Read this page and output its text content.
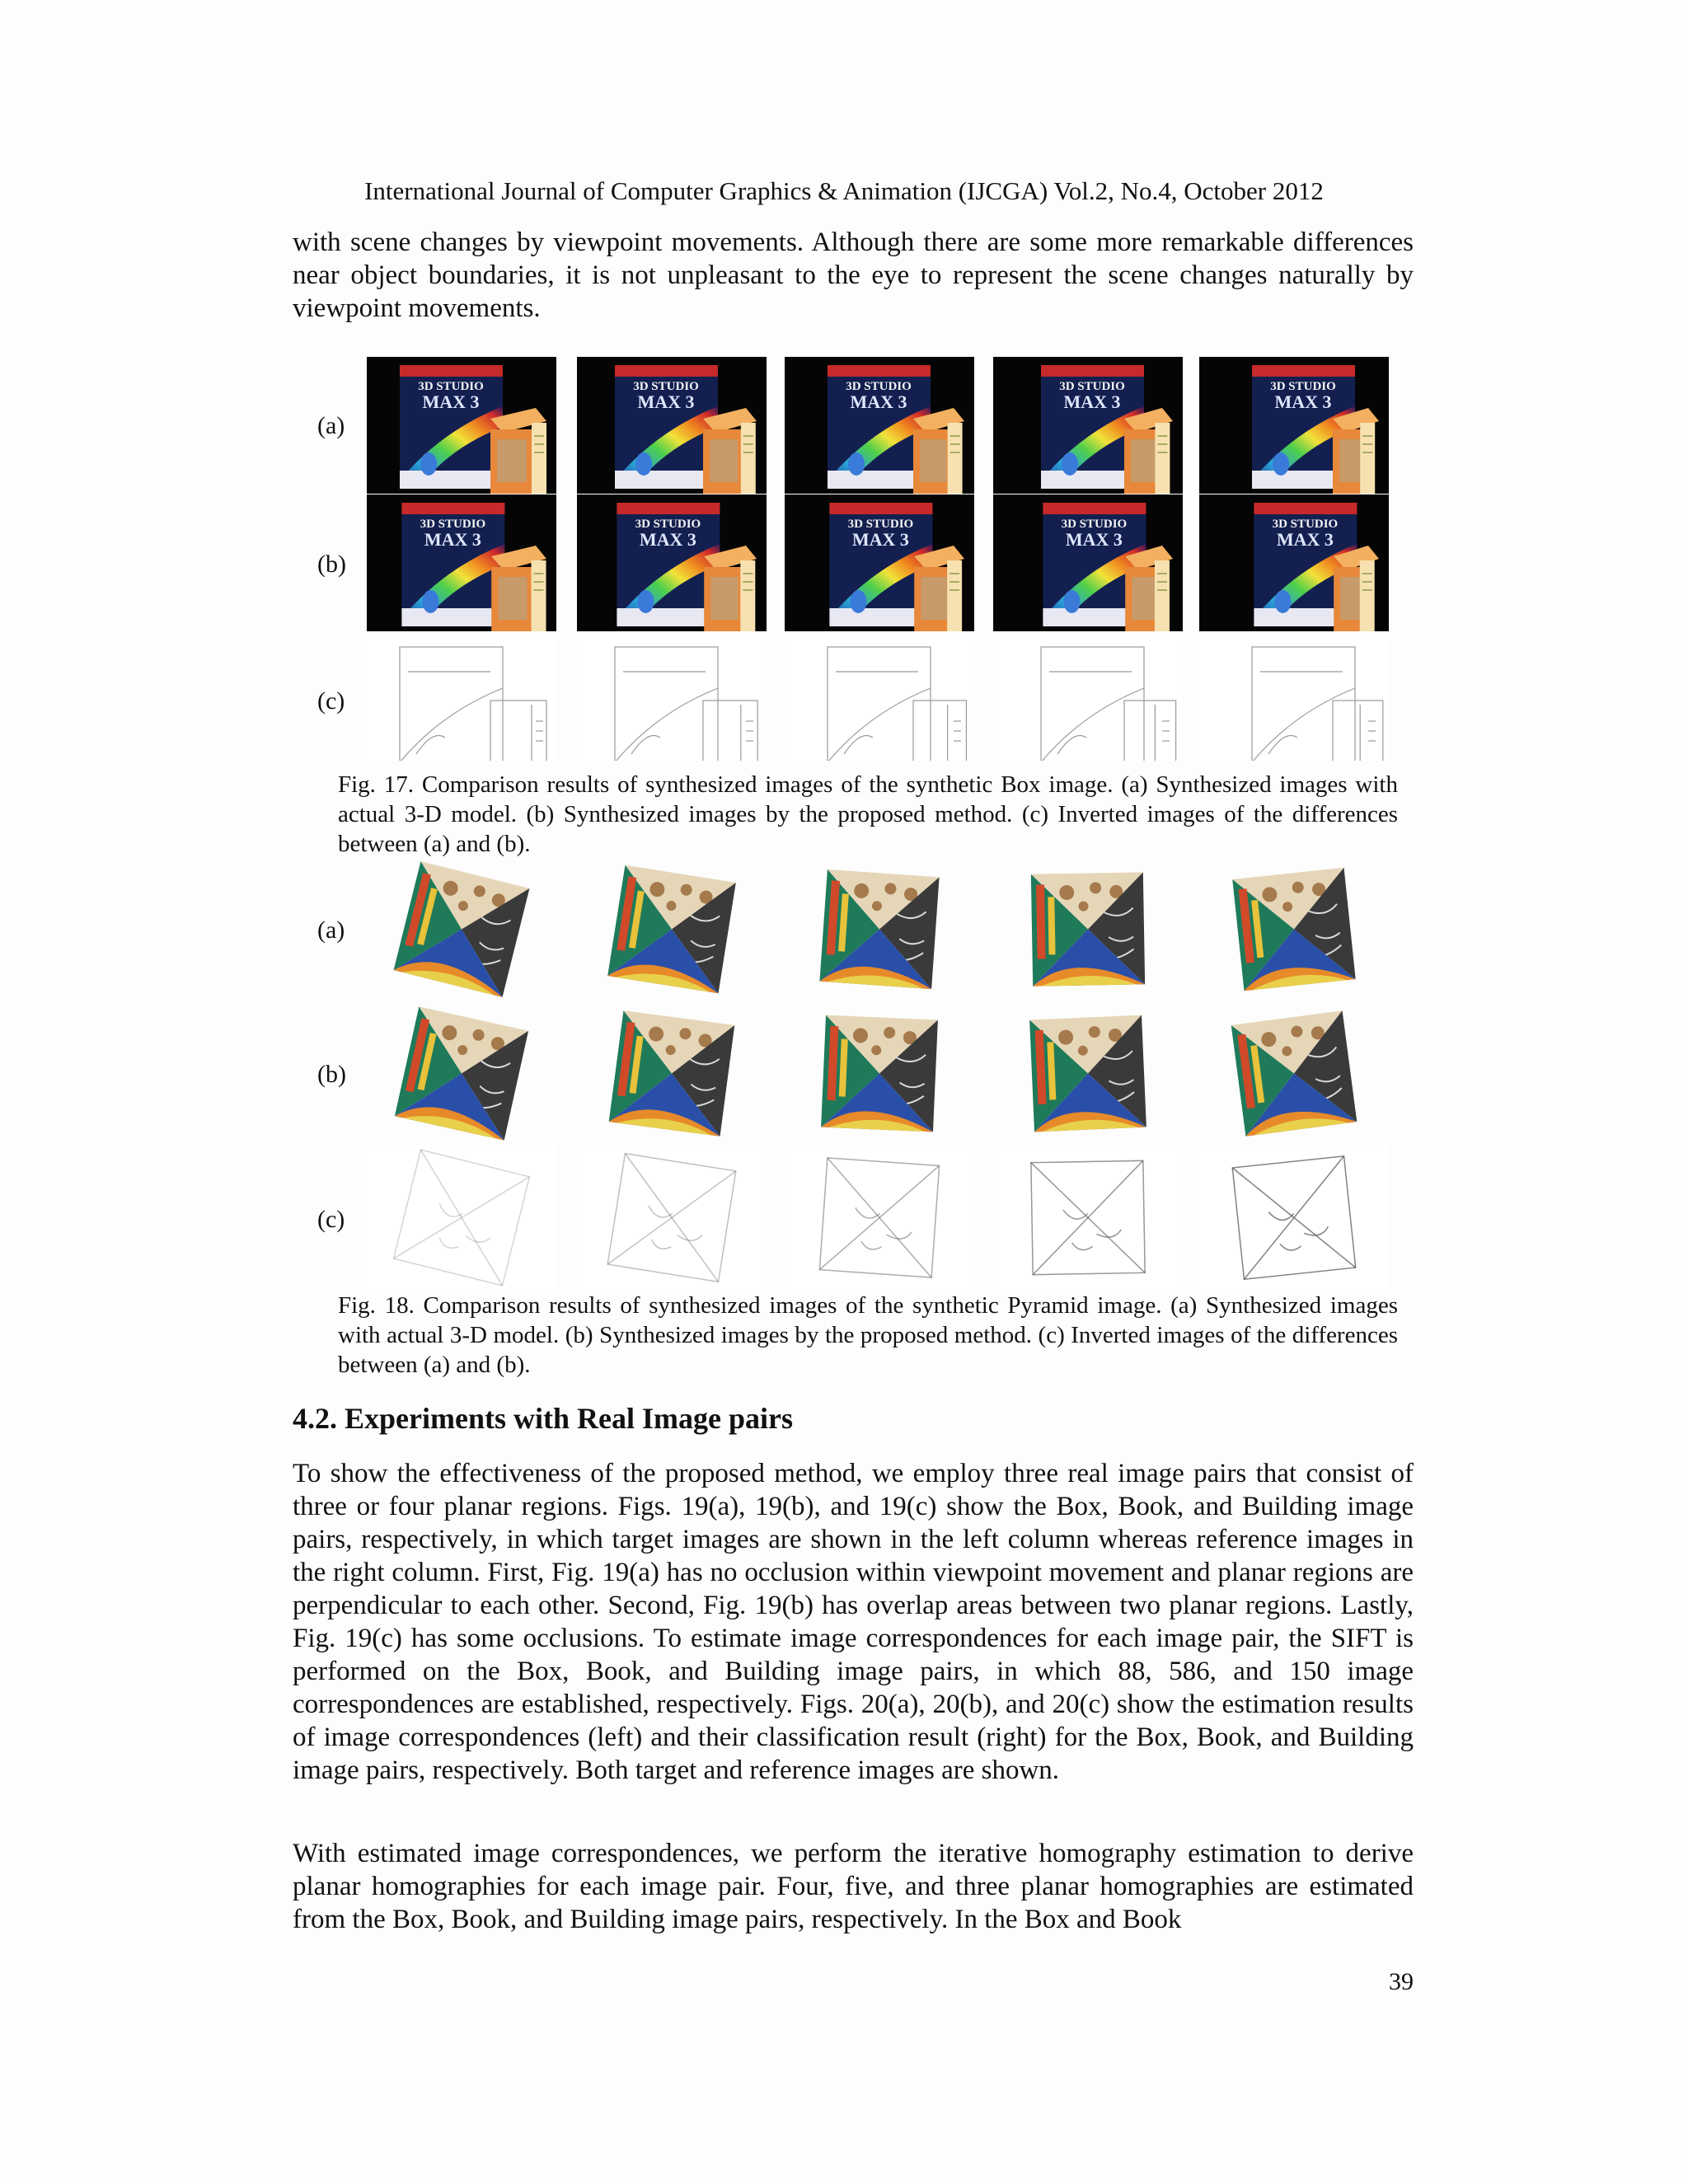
International Journal of Computer Graphics & Animation (IJCGA) Vol.2, No.4, October 2012
with scene changes by viewpoint movements. Although there are some more remarkable differences near object boundaries, it is not unpleasant to the eye to represent the scene changes naturally by viewpoint movements.
(a)
(b)
(c)
3D STUDIO
MAX 3
3D STUDIO
MAX 3
3D STUDIO
MAX 3
3D STUDIO
MAX 3
3D STUDIO
MAX 3
3D STUDIO
MAX 3
3D STUDIO
MAX 3
3D STUDIO
MAX 3
3D STUDIO
MAX 3
3D STUDIO
MAX 3
Fig. 17. Comparison results of synthesized images of the synthetic Box image. (a) Synthesized images with actual 3-D model. (b) Synthesized images by the proposed method. (c) Inverted images of the differences between (a) and (b).
(a)
(b)
(c)
Fig. 18. Comparison results of synthesized images of the synthetic Pyramid image. (a) Synthesized images with actual 3-D model. (b) Synthesized images by the proposed method. (c) Inverted images of the differences between (a) and (b).
4.2. Experiments with Real Image pairs
To show the effectiveness of the proposed method, we employ three real image pairs that consist of three or four planar regions. Figs. 19(a), 19(b), and 19(c) show the Box, Book, and Building image pairs, respectively, in which target images are shown in the left column whereas reference images in the right column. First, Fig. 19(a) has no occlusion within viewpoint movement and planar regions are perpendicular to each other. Second, Fig. 19(b) has overlap areas between two planar regions. Lastly, Fig. 19(c) has some occlusions. To estimate image correspondences for each image pair, the SIFT is performed on the Box, Book, and Building image pairs, in which 88, 586, and 150 image correspondences are established, respectively. Figs. 20(a), 20(b), and 20(c) show the estimation results of image correspondences (left) and their classification result (right) for the Box, Book, and Building image pairs, respectively. Both target and reference images are shown.
With estimated image correspondences, we perform the iterative homography estimation to derive planar homographies for each image pair. Four, five, and three planar homographies are estimated from the Box, Book, and Building image pairs, respectively. In the Box and Book
39
